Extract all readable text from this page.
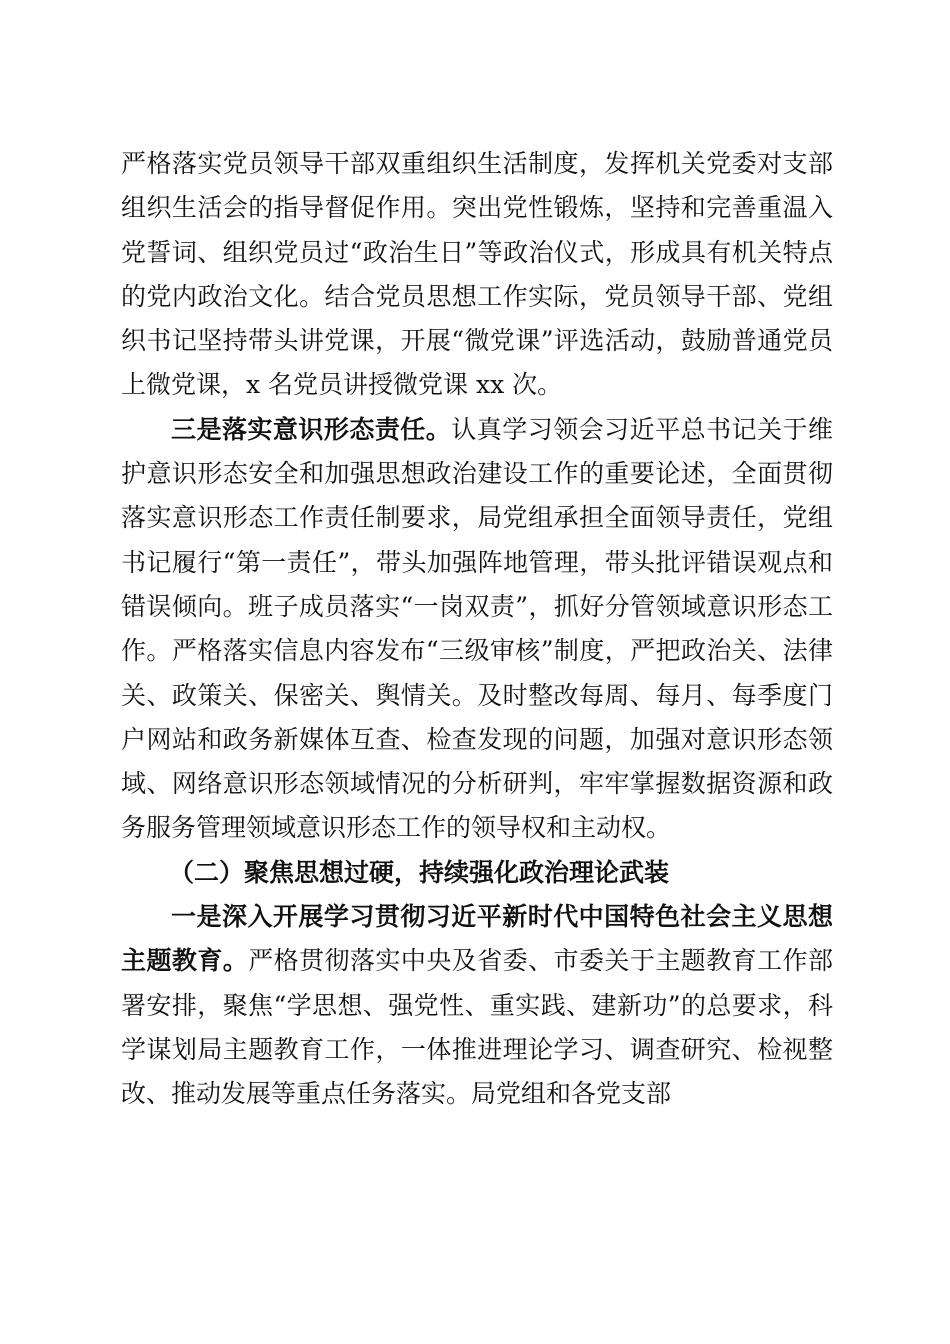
严格落实党员领导干部双重组织生活制度，发挥机关党委对支部组织生活会的指导督促作用。突出党性锻炼，坚持和完善重温入党誓词、组织党员过“政治生日”等政治仪式，形成具有机关特点的党内政治文化。结合党员思想工作实际，党员领导干部、党组织书记坚持带头讲党课，开展“微党课”评选活动，鼓励普通党员上微党课，x 名党员讲授微党课 xx 次。

三是落实意识形态责任。认真学习领会习近平总书记关于维护意识形态安全和加强思想政治建设工作的重要论述，全面贯彻落实意识形态工作责任制要求，局党组承担全面领导责任，党组书记履行“第一责任”，带头加强阵地管理，带头批评错误观点和错误倾向。班子成员落实“一岗双责”，抓好分管领域意识形态工作。严格落实信息内容发布“三级审核”制度，严把政治关、法律关、政策关、保密关、舆情关。及时整改每周、每月、每季度门户网站和政务新媒体互查、检查发现的问题，加强对意识形态领域、网络意识形态领域情况的分析研判，牢牢掌握数据资源和政务服务管理领域意识形态工作的领导权和主动权。

（二）聚焦思想过硬，持续强化政治理论武装

一是深入开展学习贯彻习近平新时代中国特色社会主义思想主题教育。严格贯彻落实中央及省委、市委关于主题教育工作部署安排，聚焦“学思想、强党性、重实践、建新功”的总要求，科学谋划局主题教育工作，一体推进理论学习、调查研究、检视整改、推动发展等重点任务落实。局党组和各党支部
